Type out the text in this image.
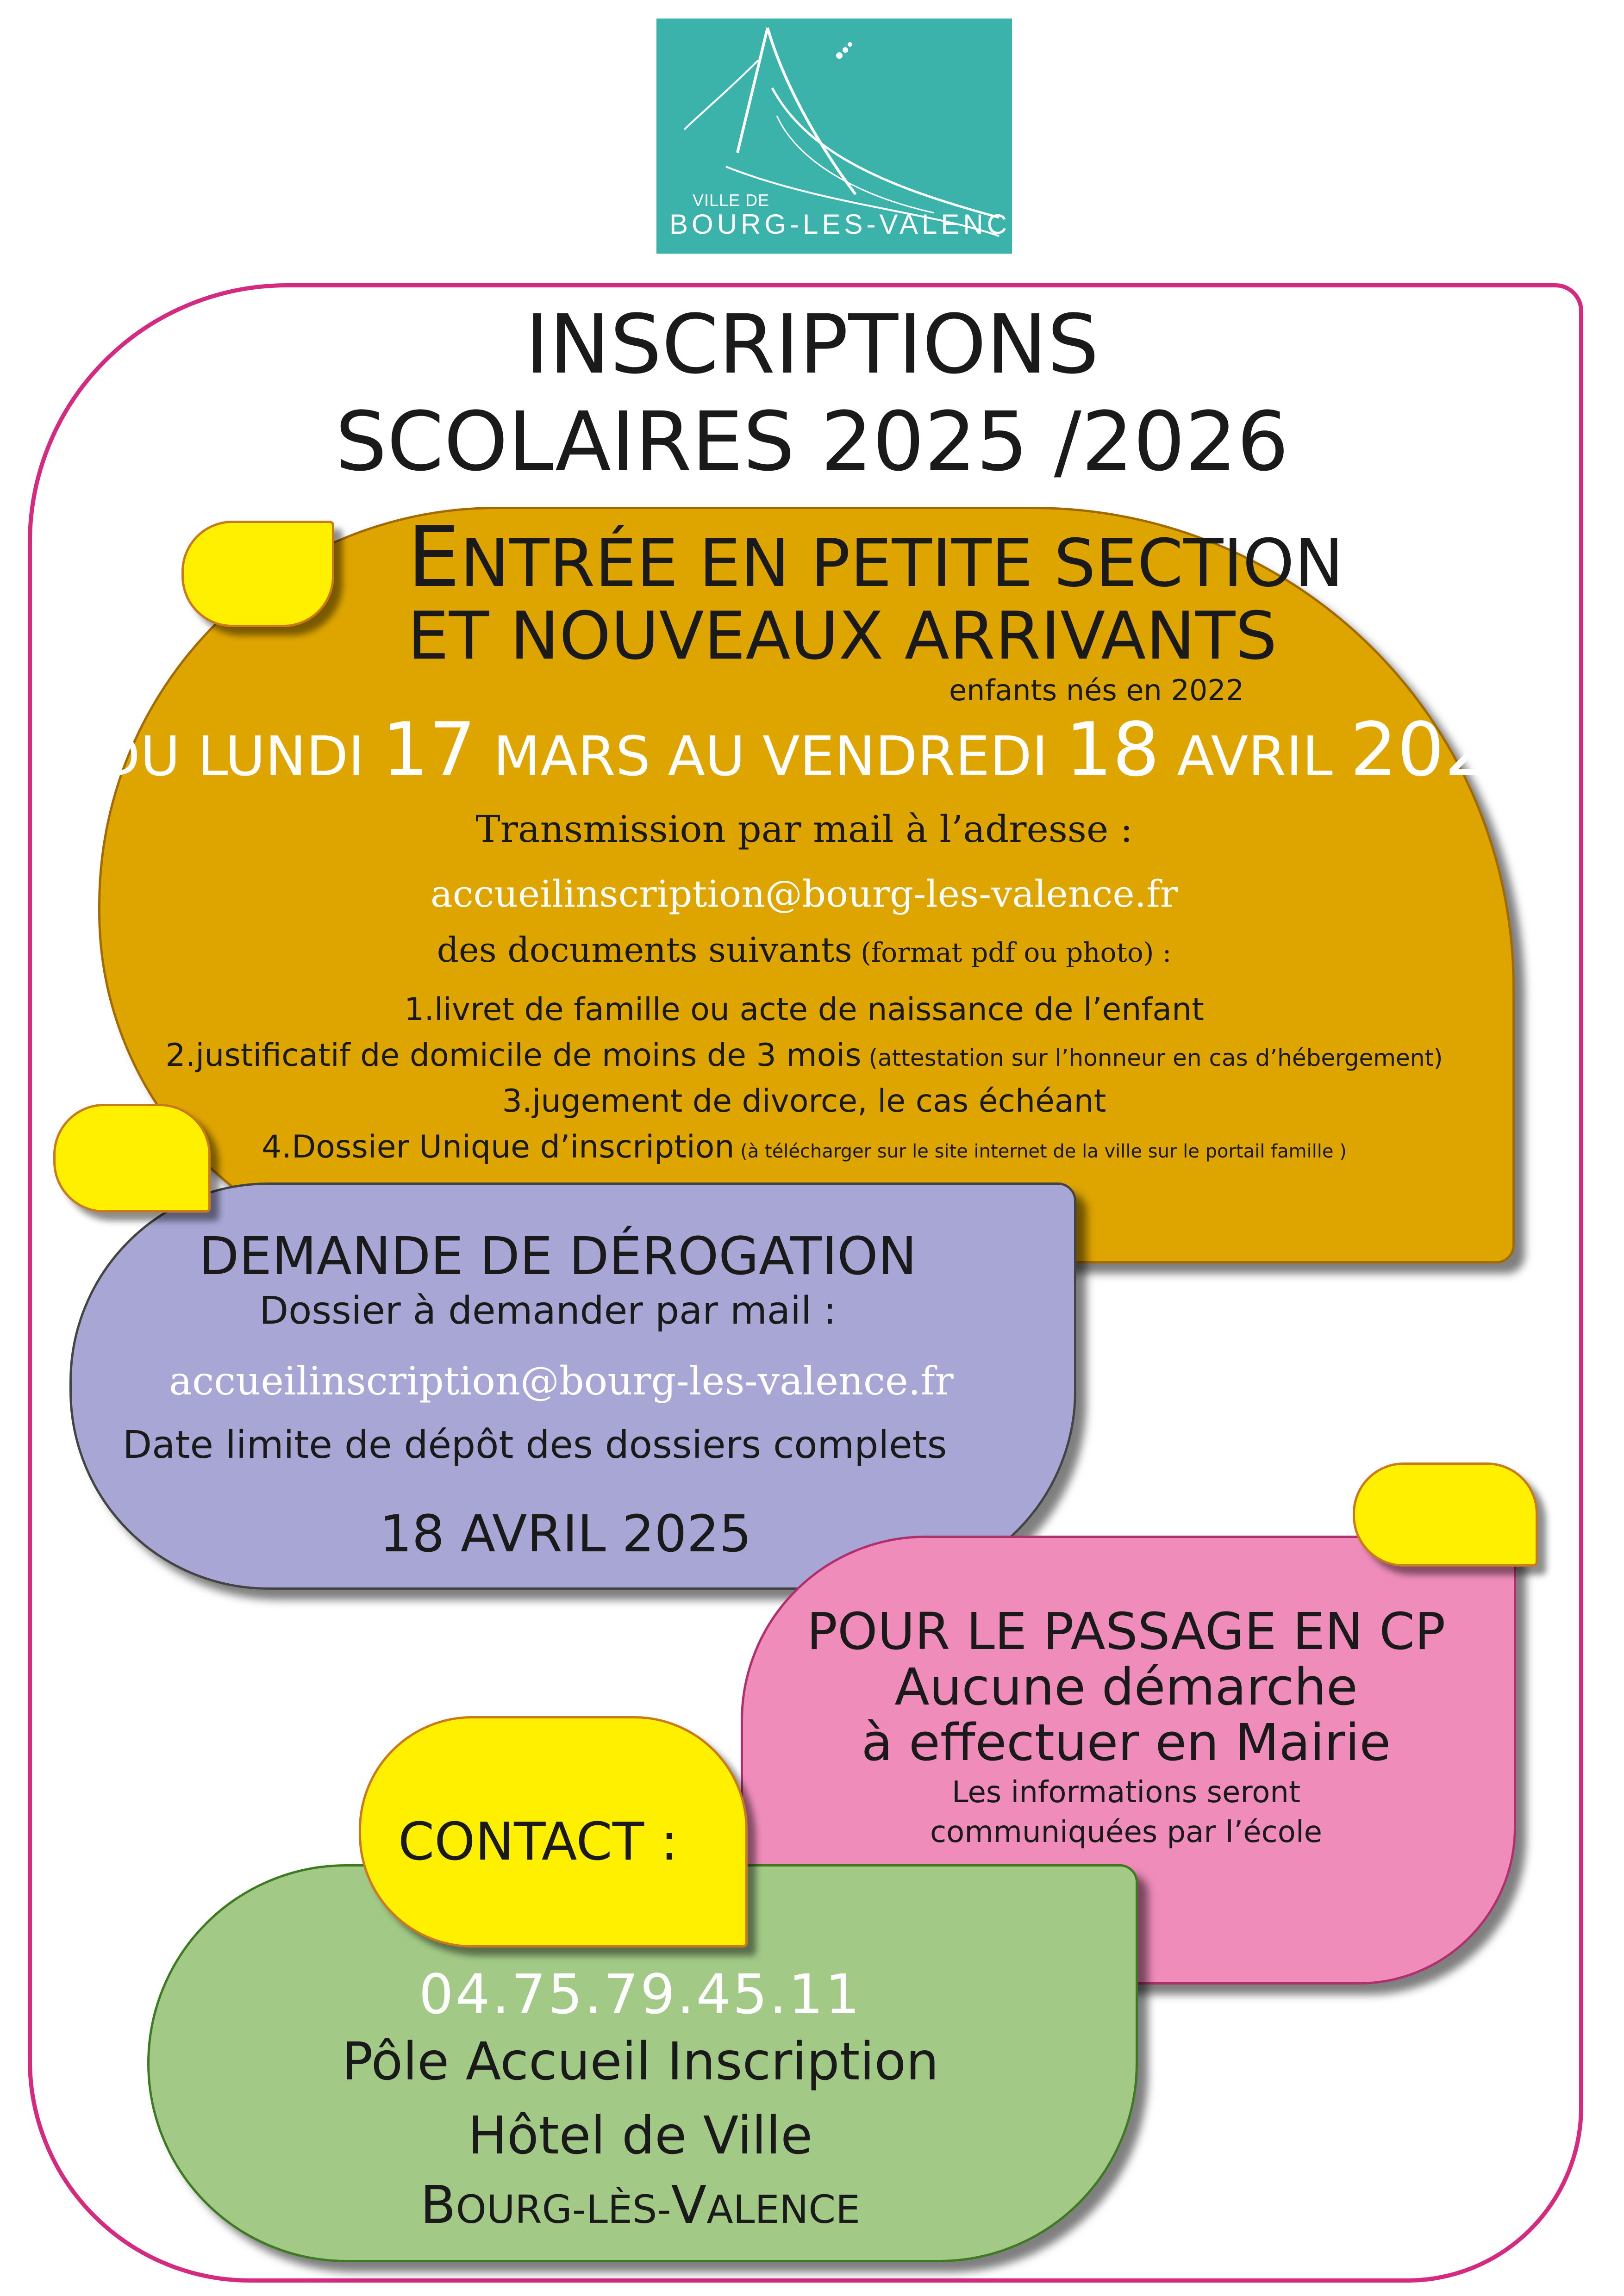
VILLE DE
BOURG-LES-VALENCE
INSCRIPTIONS
SCOLAIRES 2025 /2026
ENTRÉE EN PETITE SECTION
ET NOUVEAUX ARRIVANTS
enfants nés en 2022
DU LUNDI 17 MARS AU VENDREDI 18 AVRIL 2025
Transmission par mail à l’adresse :
accueilinscription@bourg-les-valence.fr
des documents suivants (format pdf ou photo) :
1.livret de famille ou acte de naissance de l’enfant
2.justificatif de domicile de moins de 3 mois (attestation sur l’honneur en cas d’hébergement)
3.jugement de divorce, le cas échéant
4.Dossier Unique d’inscription (à télécharger sur le site internet de la ville sur le portail famille )
DEMANDE DE DÉROGATION
Dossier à demander par mail :
accueilinscription@bourg-les-valence.fr
Date limite de dépôt des dossiers complets
18 AVRIL 2025
POUR LE PASSAGE EN CP
Aucune démarche
à effectuer en Mairie
Les informations seront
communiquées par l’école
CONTACT :
04.75.79.45.11
Pôle Accueil Inscription
Hôtel de Ville
BOURG-LÈS-VALENCE
